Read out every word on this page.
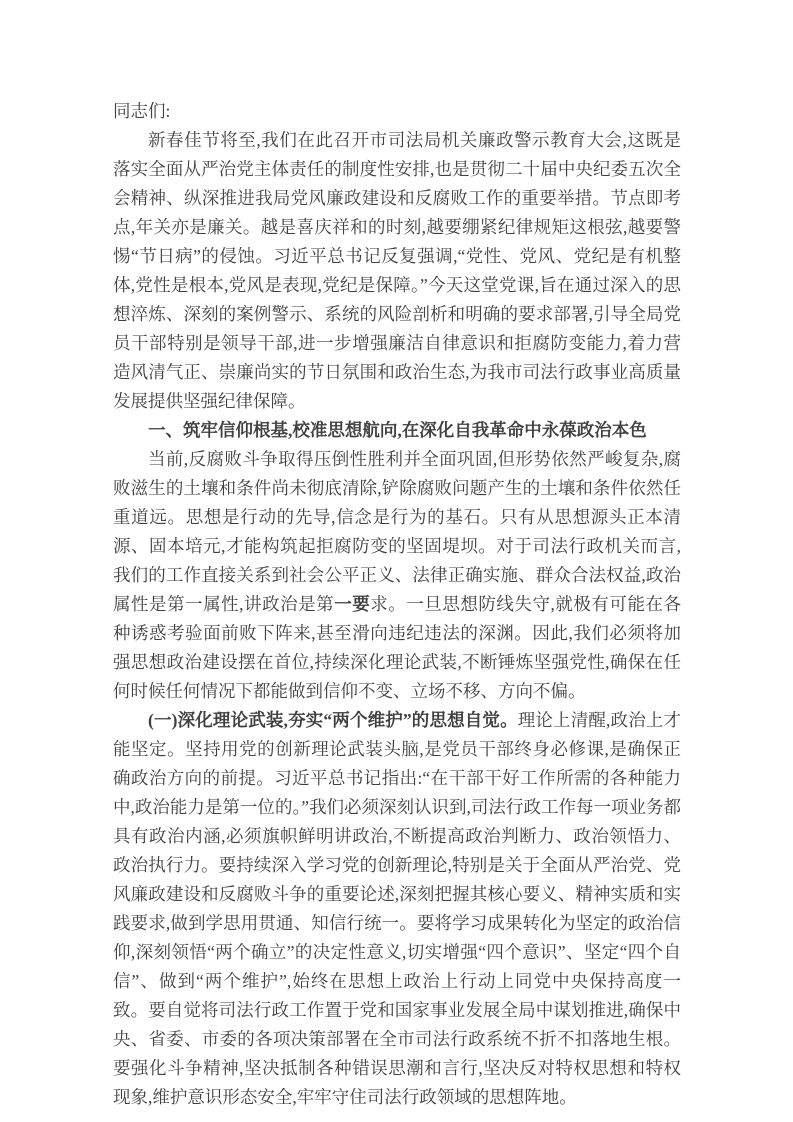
同志们:

新春佳节将至,我们在此召开市司法局机关廉政警示教育大会,这既是落实全面从严治党主体责任的制度性安排,也是贯彻二十届中央纪委五次全会精神、纵深推进我局党风廉政建设和反腐败工作的重要举措。节点即考点,年关亦是廉关。越是喜庆祥和的时刻,越要绷紧纪律规矩这根弦,越要警惕“节日病”的侵蚀。习近平总书记反复强调,“党性、党风、党纪是有机整体,党性是根本,党风是表现,党纪是保障。”今天这堂党课,旨在通过深入的思想淬炼、深刻的案例警示、系统的风险剖析和明确的要求部署,引导全局党员干部特别是领导干部,进一步增强廉洁自律意识和拒腐防变能力,着力营造风清气正、崇廉尚实的节日氛围和政治生态,为我市司法行政事业高质量发展提供坚强纪律保障。

一、筑牢信仰根基,校准思想航向,在深化自我革命中永葆政治本色

当前,反腐败斗争取得压倒性胜利并全面巩固,但形势依然严峻复杂,腐败滋生的土壤和条件尚未彻底清除,铲除腐败问题产生的土壤和条件依然任重道远。思想是行动的先导,信念是行为的基石。只有从思想源头正本清源、固本培元,才能构筑起拒腐防变的坚固堤坝。对于司法行政机关而言,我们的工作直接关系到社会公平正义、法律正确实施、群众合法权益,政治属性是第一属性,讲政治是第一要求。一旦思想防线失守,就极有可能在各种诱惑考验面前败下阵来,甚至滑向违纪违法的深渊。因此,我们必须将加强思想政治建设摆在首位,持续深化理论武装,不断锤炼坚强党性,确保在任何时候任何情况下都能做到信仰不变、立场不移、方向不偏。

(一)深化理论武装,夯实“两个维护”的思想自觉。理论上清醒,政治上才能坚定。坚持用党的创新理论武装头脑,是党员干部终身必修课,是确保正确政治方向的前提。习近平总书记指出:“在干部干好工作所需的各种能力中,政治能力是第一位的。”我们必须深刻认识到,司法行政工作每一项业务都具有政治内涵,必须旗帜鲜明讲政治,不断提高政治判断力、政治领悟力、政治执行力。要持续深入学习党的创新理论,特别是关于全面从严治党、党风廉政建设和反腐败斗争的重要论述,深刻把握其核心要义、精神实质和实践要求,做到学思用贯通、知信行统一。要将学习成果转化为坚定的政治信仰,深刻领悟“两个确立”的决定性意义,切实增强“四个意识”、坚定“四个自信”、做到“两个维护”,始终在思想上政治上行动上同党中央保持高度一致。要自觉将司法行政工作置于党和国家事业发展全局中谋划推进,确保中央、省委、市委的各项决策部署在全市司法行政系统不折不扣落地生根。要强化斗争精神,坚决抵制各种错误思潮和言行,坚决反对特权思想和特权现象,维护意识形态安全,牢牢守住司法行政领域的思想阵地。
